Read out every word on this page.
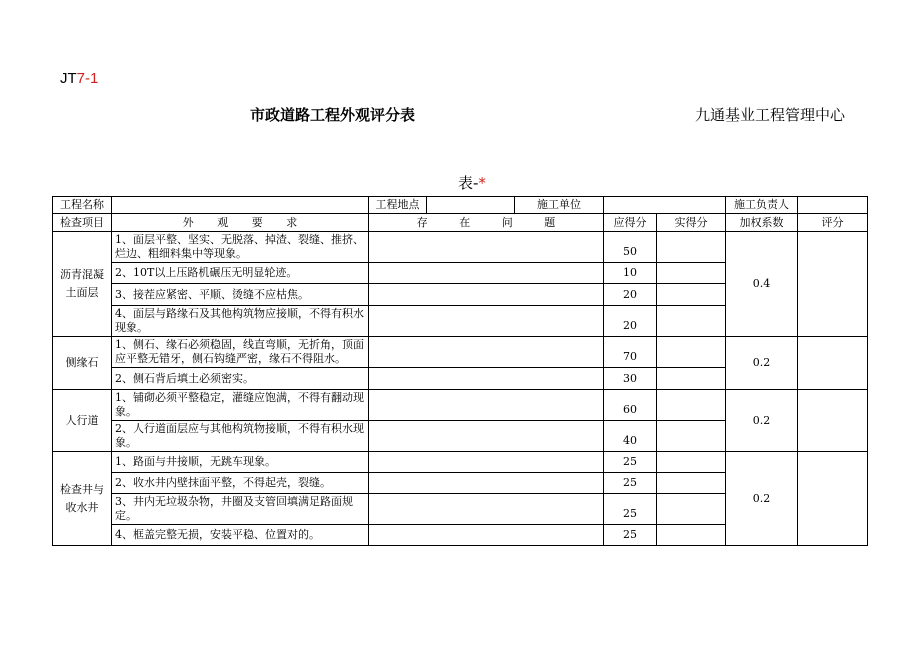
JT7-1
市政道路工程外观评分表	九通基业工程管理中心
表-*
工程名称		工程地点		施工单位			施工负责人	
检查项目	外 观 要 求	存 在 问 题			应得分	实得分	加权系数	评分
沥青混凝土面层	1、面层平整、坚实、无脱落、掉渣、裂缝、推挤、烂边、粗细料集中等现象。				50		0.4	
	2、10T以上压路机碾压无明显轮迹。				10			
	3、接茬应紧密、平顺、烫缝不应枯焦。				20			
	4、面层与路缘石及其他构筑物应接顺，不得有积水现象。				20			
侧缘石	1、侧石、缘石必须稳固，线直弯顺，无折角，顶面应平整无错牙，侧石钩缝严密，缘石不得阻水。				70		0.2	
	2、侧石背后填土必须密实。				30			
人行道	1、铺砌必须平整稳定，灌缝应饱满，不得有翻动现象。				60		0.2	
	2、人行道面层应与其他构筑物接顺，不得有积水现象。				40			
检查井与收水井	1、路面与井接顺，无跳车现象。				25		0.2	
	2、收水井内壁抹面平整，不得起壳，裂缝。				25			
	3、井内无垃圾杂物，井圈及支管回填满足路面规定。				25			
	4、框盖完整无损，安装平稳、位置对的。				25			
